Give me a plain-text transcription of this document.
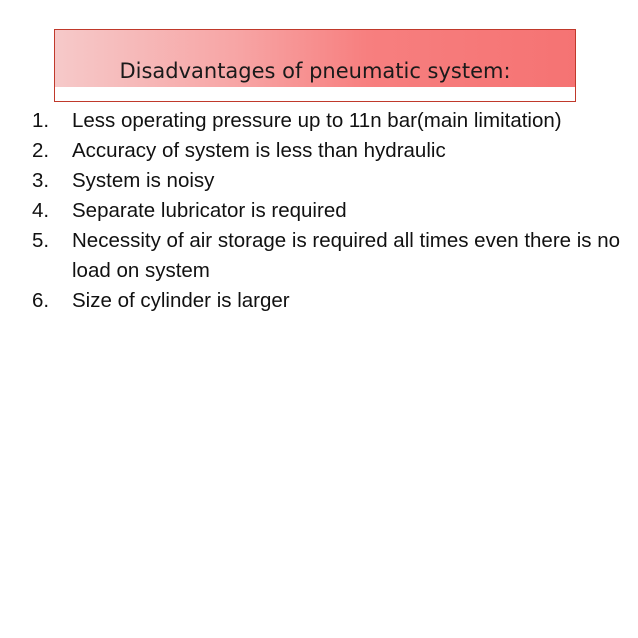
Disadvantages of pneumatic system:
1. Less operating pressure up to 11n bar(main limitation)
2. Accuracy of system is less than hydraulic
3. System is noisy
4. Separate lubricator is required
5. Necessity of air storage is required all times even there is no load on system
6. Size of cylinder is larger
